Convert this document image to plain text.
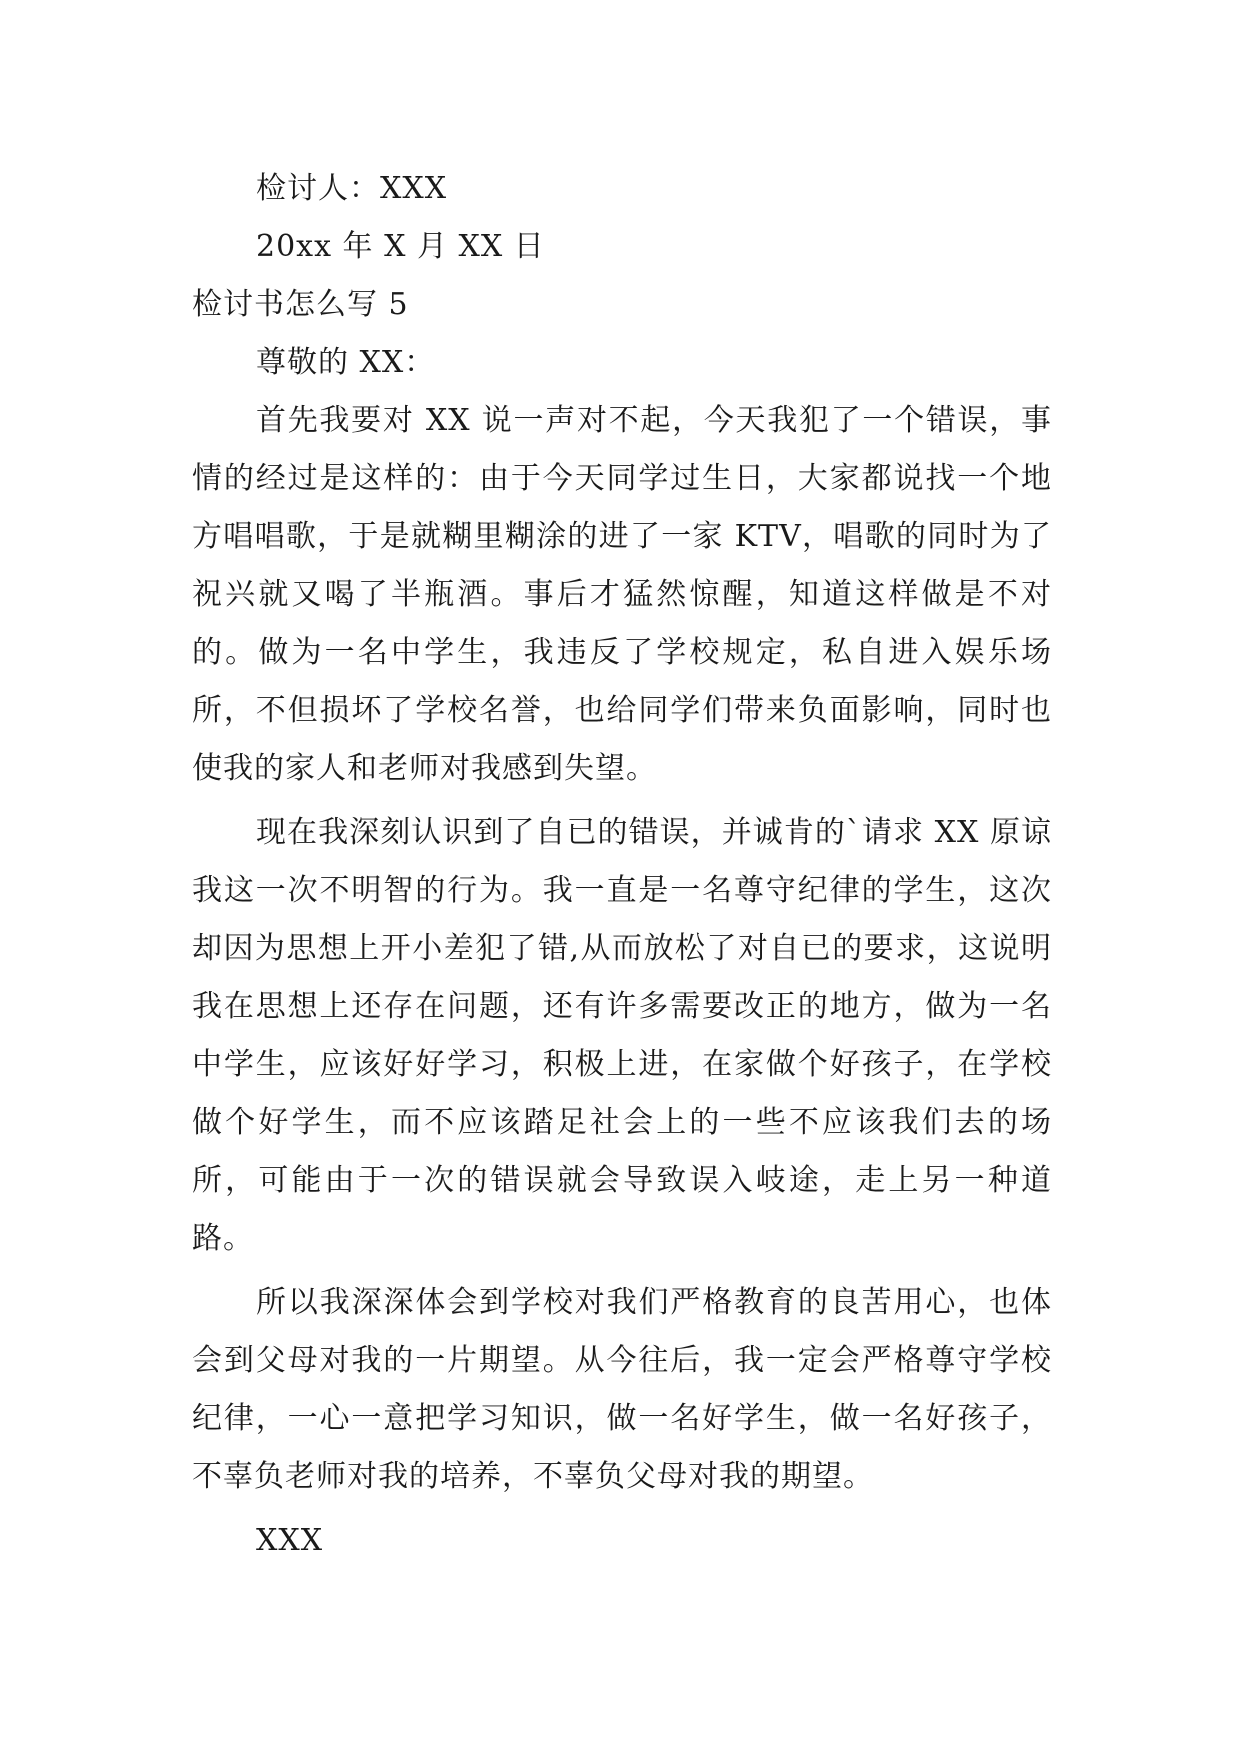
检讨人：XXX
20xx 年 X 月 XX 日
检讨书怎么写 5
尊敬的 XX：

首先我要对 XX 说一声对不起，今天我犯了一个错误，事情的经过是这样的：由于今天同学过生日，大家都说找一个地方唱唱歌，于是就糊里糊涂的进了一家 KTV，唱歌的同时为了祝兴就又喝了半瓶酒。事后才猛然惊醒，知道这样做是不对的。做为一名中学生，我违反了学校规定，私自进入娱乐场所，不但损坏了学校名誉，也给同学们带来负面影响，同时也使我的家人和老师对我感到失望。

现在我深刻认识到了自已的错误，并诚肯的`请求 XX 原谅我这一次不明智的行为。我一直是一名尊守纪律的学生，这次却因为思想上开小差犯了错,从而放松了对自已的要求，这说明我在思想上还存在问题，还有许多需要改正的地方，做为一名中学生，应该好好学习，积极上进，在家做个好孩子，在学校做个好学生，而不应该踏足社会上的一些不应该我们去的场所，可能由于一次的错误就会导致误入岐途，走上另一种道路。

所以我深深体会到学校对我们严格教育的良苦用心，也体会到父母对我的一片期望。从今往后，我一定会严格尊守学校纪律，一心一意把学习知识，做一名好学生，做一名好孩子，不辜负老师对我的培养，不辜负父母对我的期望。

XXX
